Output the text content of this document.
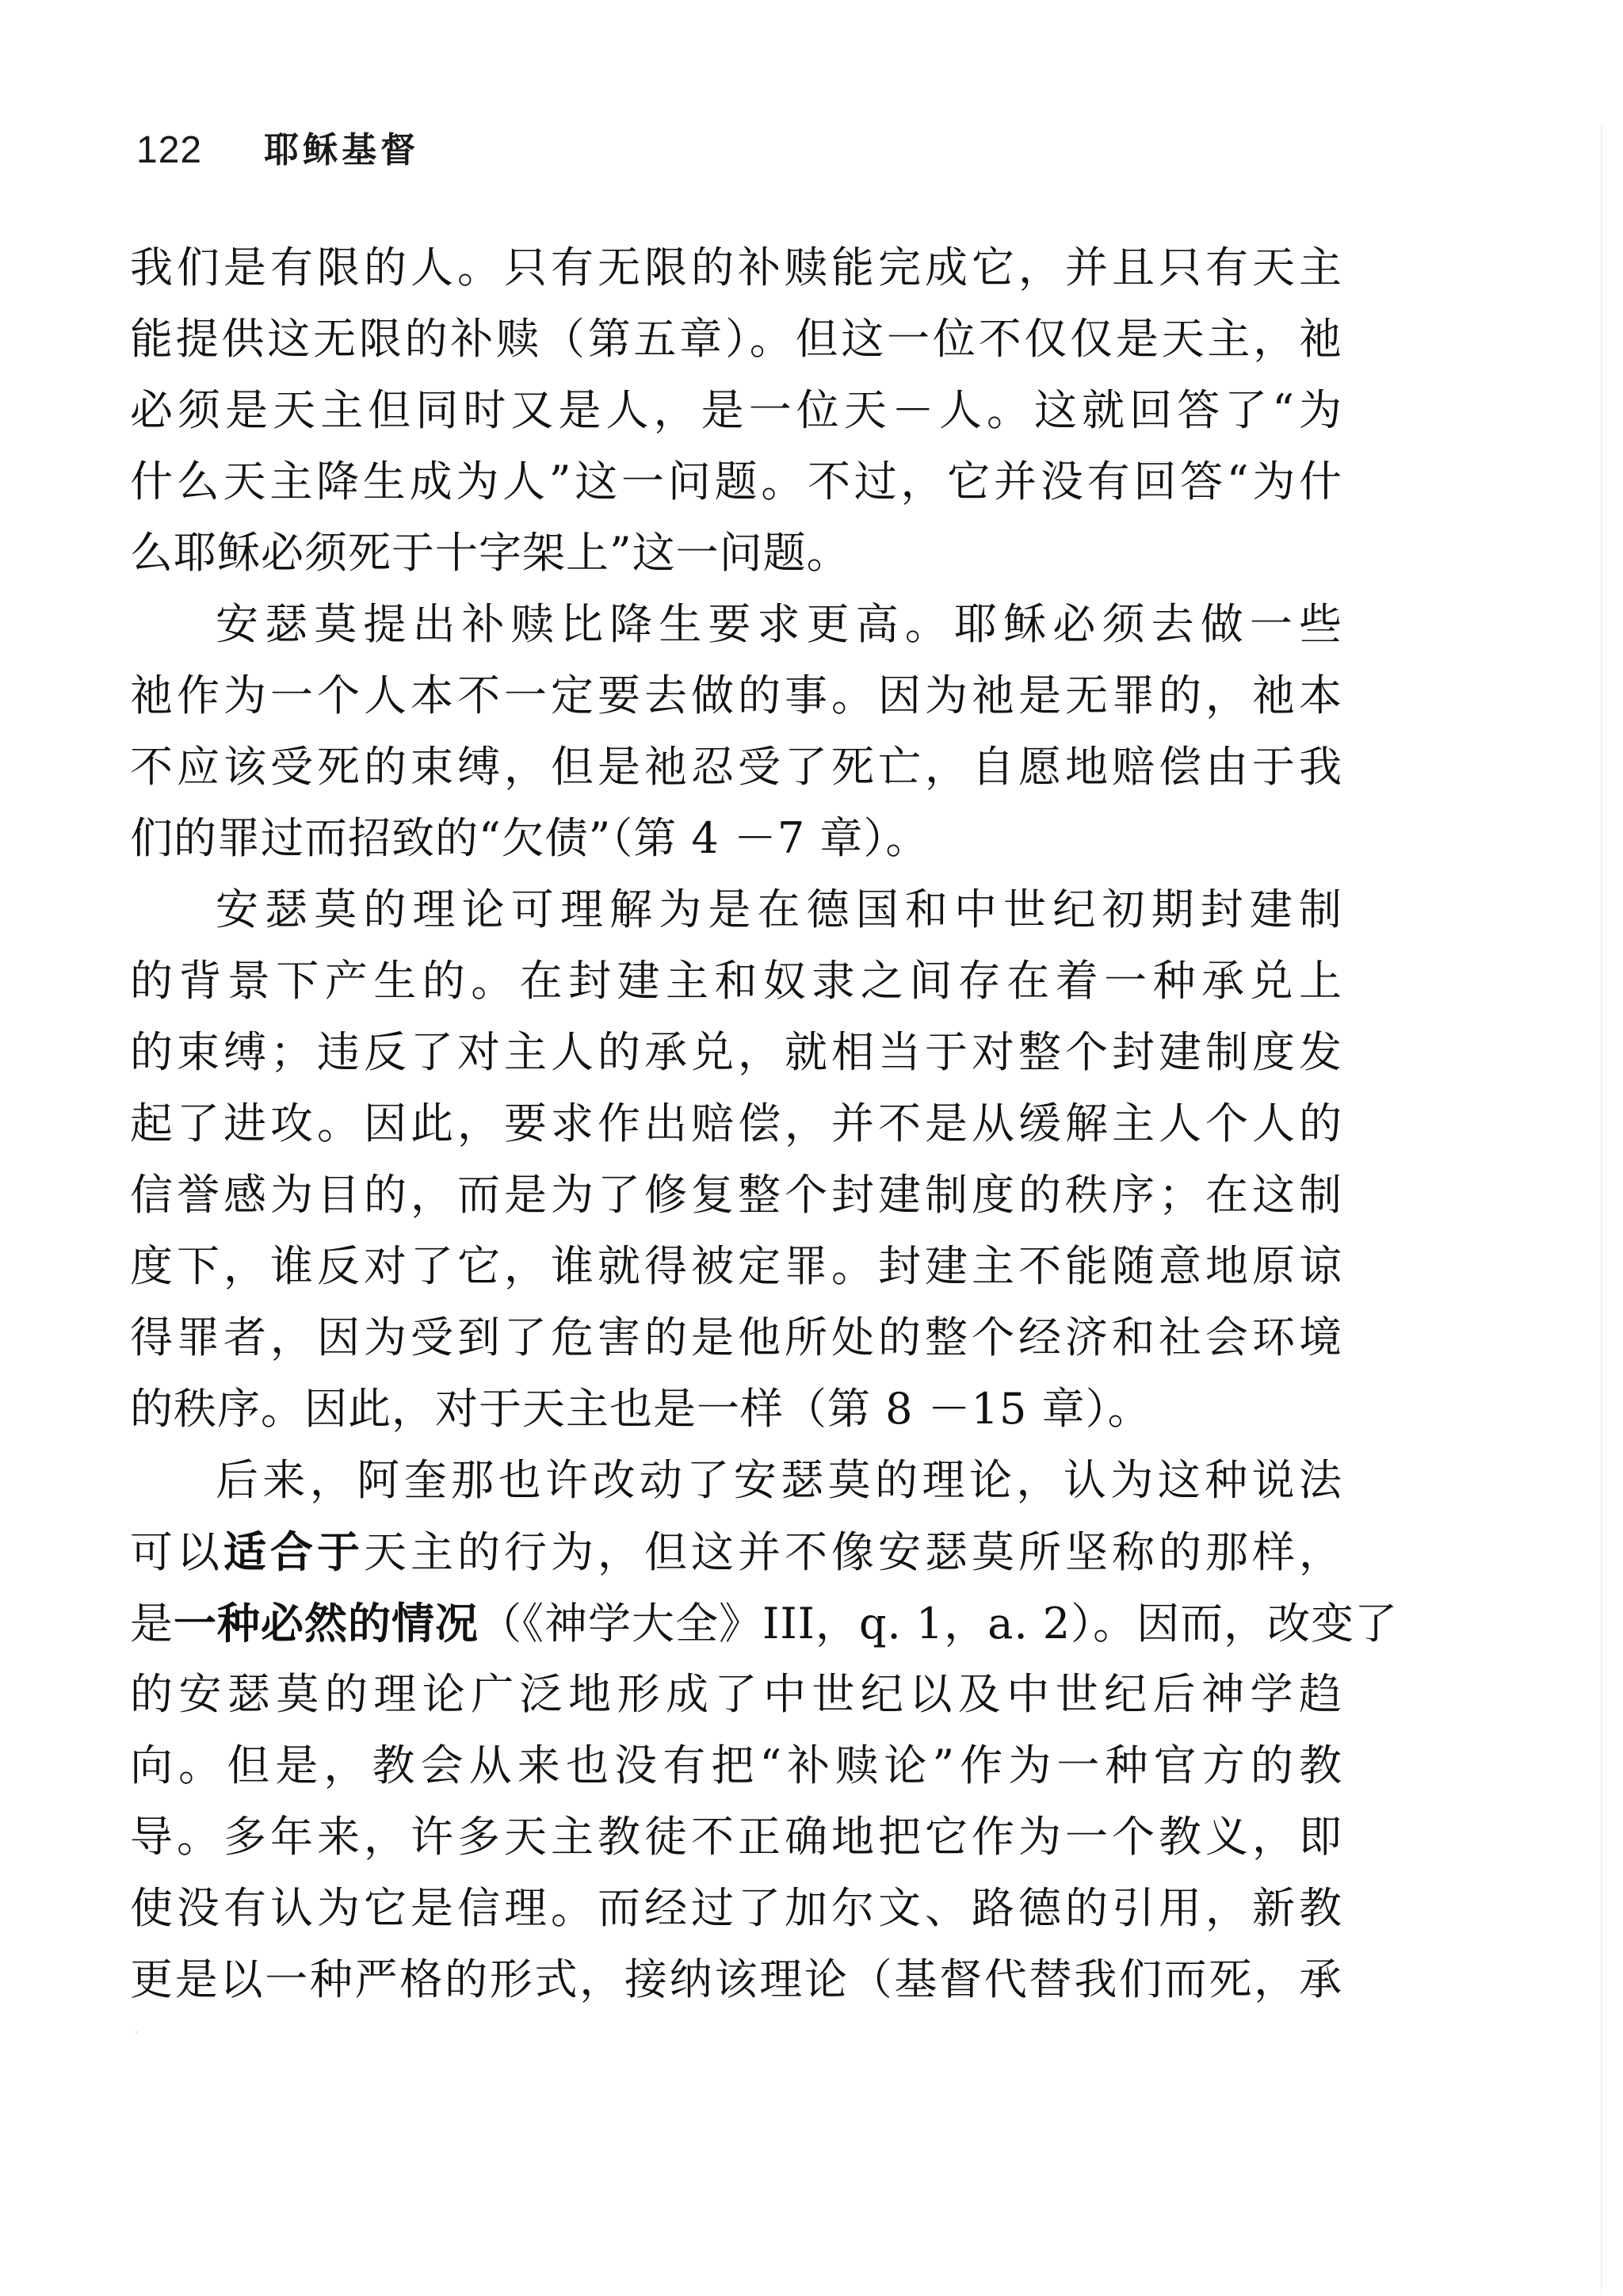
122 耶稣基督
我们是有限的人。只有无限的补赎能完成它，并且只有天主
能提供这无限的补赎（第五章）。但这一位不仅仅是天主，祂
必须是天主但同时又是人，是一位天－人。这就回答了“为
什么天主降生成为人”这一问题。不过，它并没有回答“为什
么耶稣必须死于十字架上”这一问题。
安瑟莫提出补赎比降生要求更高。耶稣必须去做一些
祂作为一个人本不一定要去做的事。因为祂是无罪的，祂本
不应该受死的束缚，但是祂忍受了死亡，自愿地赔偿由于我
们的罪过而招致的“欠债”（第 4 －7 章）。
安瑟莫的理论可理解为是在德国和中世纪初期封建制
的背景下产生的。在封建主和奴隶之间存在着一种承兑上
的束缚；违反了对主人的承兑，就相当于对整个封建制度发
起了进攻。因此，要求作出赔偿，并不是从缓解主人个人的
信誉感为目的，而是为了修复整个封建制度的秩序；在这制
度下，谁反对了它，谁就得被定罪。封建主不能随意地原谅
得罪者，因为受到了危害的是他所处的整个经济和社会环境
的秩序。因此，对于天主也是一样（第 8 －15 章）。
后来，阿奎那也许改动了安瑟莫的理论，认为这种说法
可以适合于天主的行为，但这并不像安瑟莫所坚称的那样，
是一种必然的情况（《神学大全》III，q. 1，a. 2）。因而，改变了
的安瑟莫的理论广泛地形成了中世纪以及中世纪后神学趋
向。但是，教会从来也没有把“补赎论”作为一种官方的教
导。多年来，许多天主教徒不正确地把它作为一个教义，即
使没有认为它是信理。而经过了加尔文、路德的引用，新教
更是以一种严格的形式，接纳该理论（基督代替我们而死，承
